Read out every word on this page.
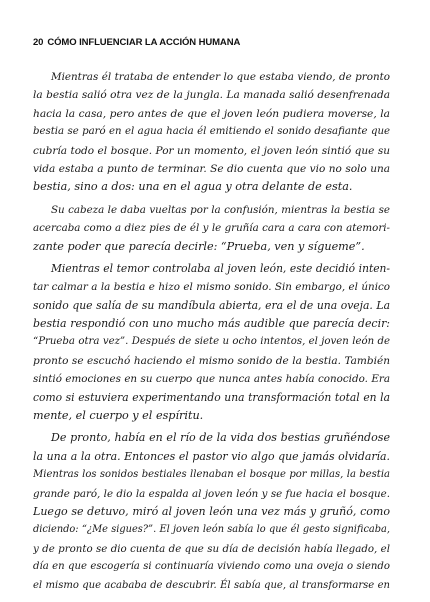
20 CÓMO INFLUENCIAR LA ACCIÓN HUMANA
Mientras él trataba de entender lo que estaba viendo, de pronto
la bestia salió otra vez de la jungla. La manada salió desenfrenada
hacia la casa, pero antes de que el joven león pudiera moverse, la
bestia se paró en el agua hacia él emitiendo el sonido desafiante que
cubría todo el bosque. Por un momento, el joven león sintió que su
vida estaba a punto de terminar. Se dio cuenta que vio no solo una
bestia, sino a dos: una en el agua y otra delante de esta.
Su cabeza le daba vueltas por la confusión, mientras la bestia se
acercaba como a diez pies de él y le gruñía cara a cara con atemori-
zante poder que parecía decirle: “Prueba, ven y sígueme”.
Mientras el temor controlaba al joven león, este decidió inten-
tar calmar a la bestia e hizo el mismo sonido. Sin embargo, el único
sonido que salía de su mandíbula abierta, era el de una oveja. La
bestia respondió con uno mucho más audible que parecía decir:
“Prueba otra vez”. Después de siete u ocho intentos, el joven león de
pronto se escuchó haciendo el mismo sonido de la bestia. También
sintió emociones en su cuerpo que nunca antes había conocido. Era
como si estuviera experimentando una transformación total en la
mente, el cuerpo y el espíritu.
De pronto, había en el río de la vida dos bestias gruñéndose
la una a la otra. Entonces el pastor vio algo que jamás olvidaría.
Mientras los sonidos bestiales llenaban el bosque por millas, la bestia
grande paró, le dio la espalda al joven león y se fue hacia el bosque.
Luego se detuvo, miró al joven león una vez más y gruñó, como
diciendo: “¿Me sigues?”. El joven león sabía lo que él gesto significaba,
y de pronto se dio cuenta de que su día de decisión había llegado, el
día en que escogería si continuaría viviendo como una oveja o siendo
el mismo que acababa de descubrir. Él sabía que, al transformarse en
